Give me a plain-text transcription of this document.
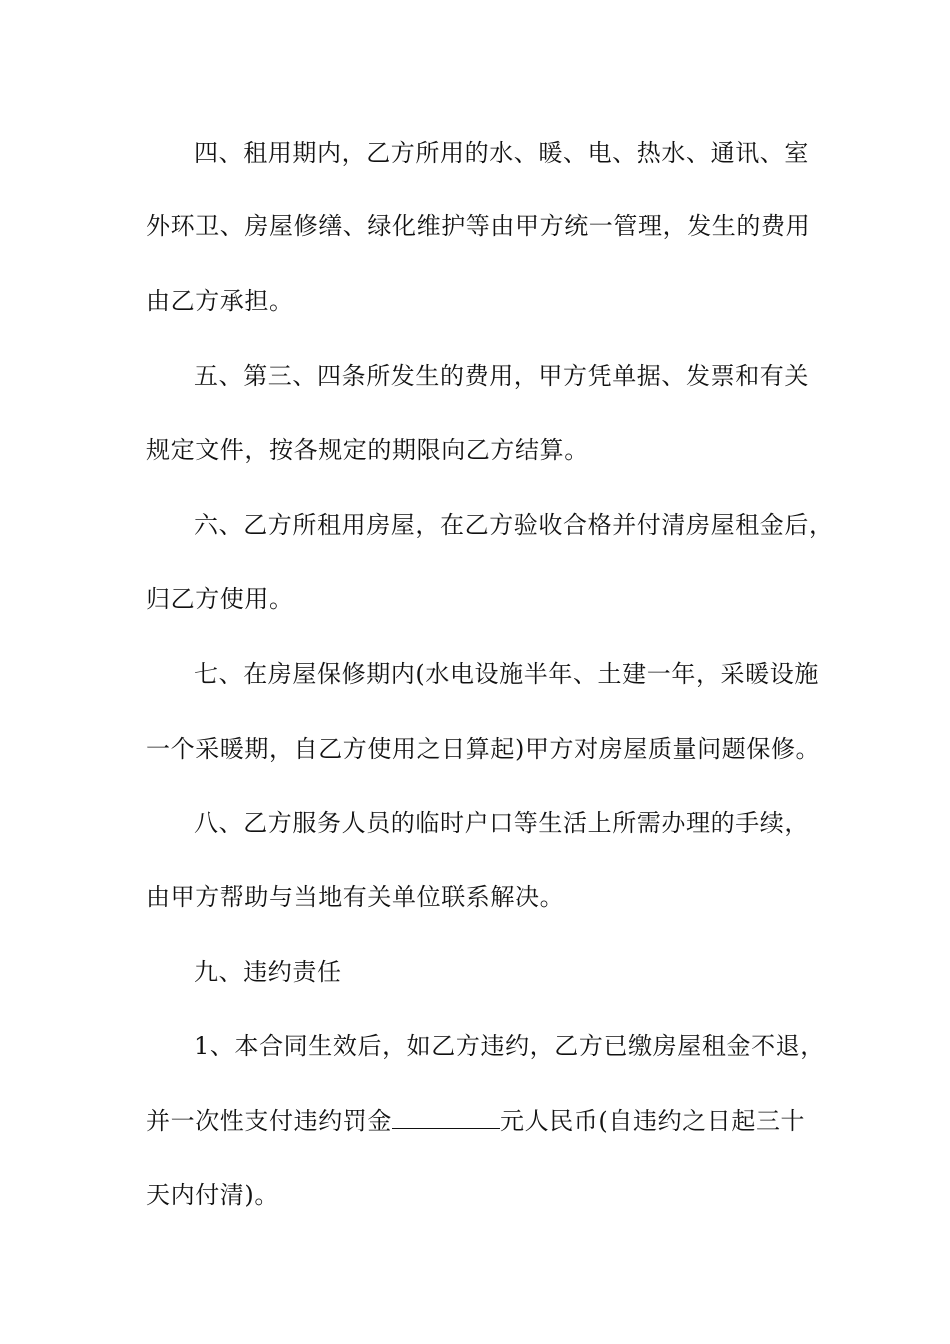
四、租用期内，乙方所用的水、暖、电、热水、通讯、室
外环卫、房屋修缮、绿化维护等由甲方统一管理，发生的费用
由乙方承担。
五、第三、四条所发生的费用，甲方凭单据、发票和有关
规定文件，按各规定的期限向乙方结算。
六、乙方所租用房屋，在乙方验收合格并付清房屋租金后，
归乙方使用。
七、在房屋保修期内(水电设施半年、土建一年，采暖设施
一个采暖期，自乙方使用之日算起)甲方对房屋质量问题保修。
八、乙方服务人员的临时户口等生活上所需办理的手续，
由甲方帮助与当地有关单位联系解决。
九、违约责任
1、本合同生效后，如乙方违约，乙方已缴房屋租金不退，
并一次性支付违约罚金	元人民币(自违约之日起三十
天内付清)。
